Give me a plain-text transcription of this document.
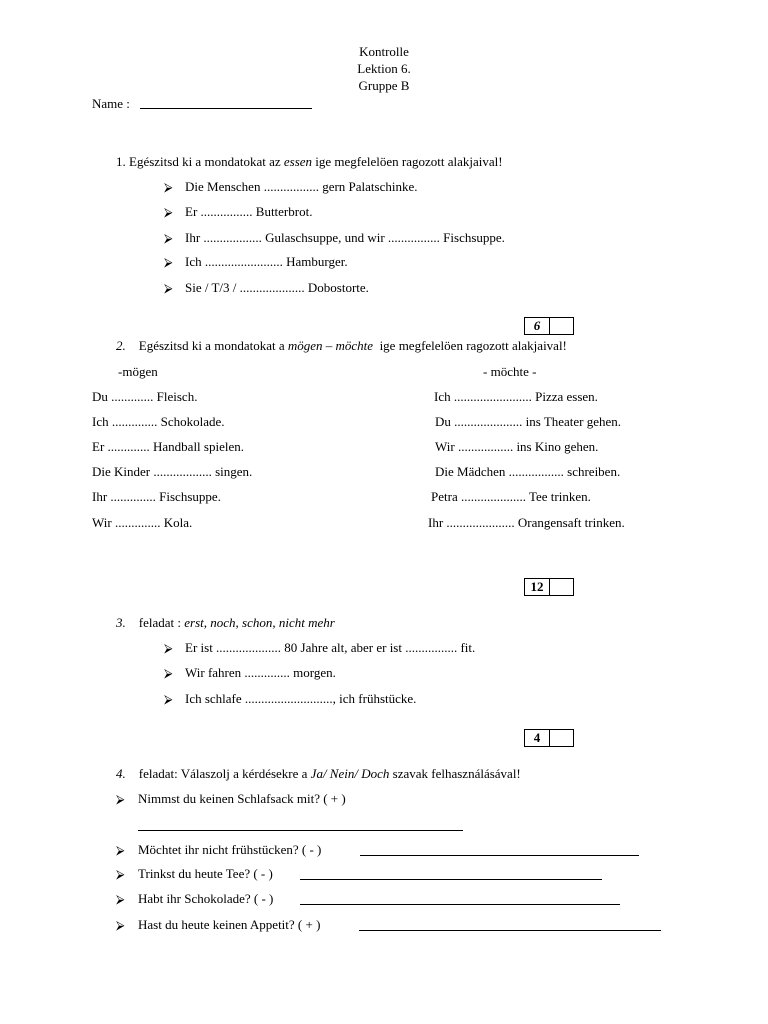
Kontrolle
Lektion 6.
Gruppe B
Name :
1. Egészitsd ki a mondatokat az essen ige megfelelöen ragozott alakjaival!
⮚ Die Menschen ................. gern Palatschinke.
⮚ Er ................ Butterbrot.
⮚ Ihr .................. Gulaschsuppe, und wir ................ Fischsuppe.
⮚ Ich ........................ Hamburger.
⮚ Sie / T/3 / .................... Dobostorte.
6
2. Egészitsd ki a mondatokat a mögen – möchte ige megfelelöen ragozott alakjaival!
-mögen	- möchte -
Du ............. Fleisch.
Ich .............. Schokolade.
Er ............. Handball spielen.
Die Kinder .................. singen.
Ihr .............. Fischsuppe.
Wir .............. Kola.
Ich ........................ Pizza essen.
Du ..................... ins Theater gehen.
Wir ................. ins Kino gehen.
Die Mädchen ................. schreiben.
Petra .................... Tee trinken.
Ihr ..................... Orangensaft trinken.
12
3. feladat : erst, noch, schon, nicht mehr
⮚ Er ist .................... 80 Jahre alt, aber er ist ................ fit.
⮚ Wir fahren .............. morgen.
⮚ Ich schlafe ..........................., ich frühstücke.
4
4. feladat: Válaszolj a kérdésekre a Ja/ Nein/ Doch szavak felhasználásával!
⮚ Nimmst du keinen Schlafsack mit? ( + )
⮚ Möchtet ihr nicht frühstücken? ( - )
⮚ Trinkst du heute Tee? ( - )
⮚ Habt ihr Schokolade? ( - )
⮚ Hast du heute keinen Appetit? ( + )
